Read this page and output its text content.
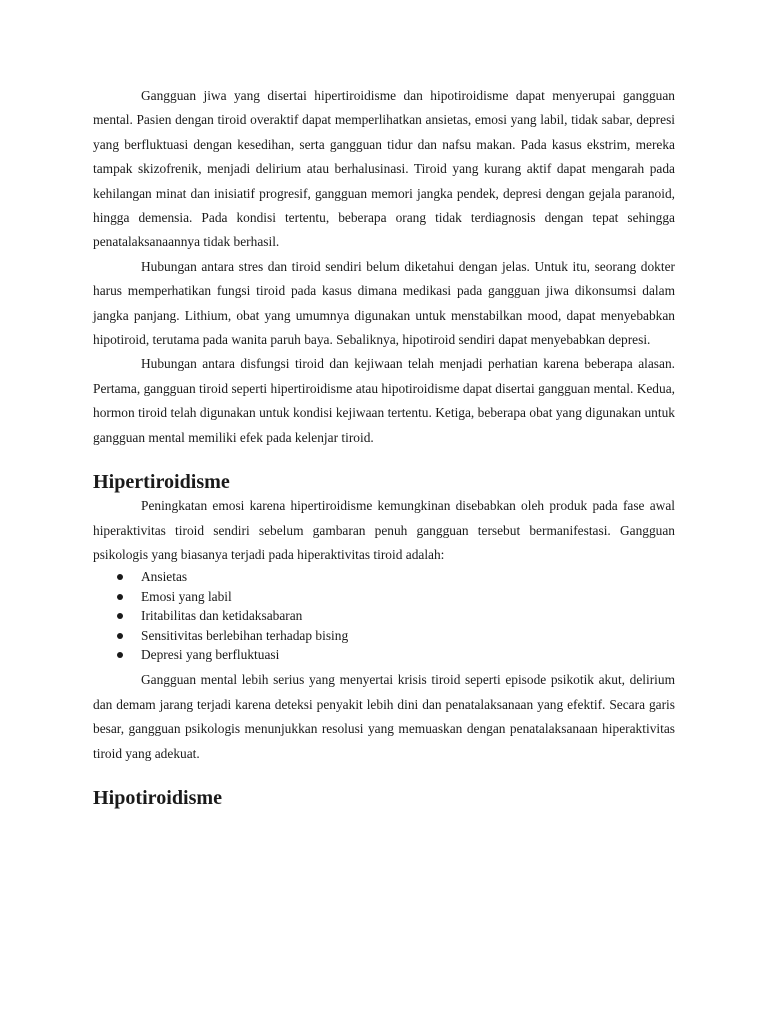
Gangguan jiwa yang disertai hipertiroidisme dan hipotiroidisme dapat menyerupai gangguan mental. Pasien dengan tiroid overaktif dapat memperlihatkan ansietas, emosi yang labil, tidak sabar, depresi yang berfluktuasi dengan kesedihan, serta gangguan tidur dan nafsu makan. Pada kasus ekstrim, mereka tampak skizofrenik, menjadi delirium atau berhalusinasi. Tiroid yang kurang aktif dapat mengarah pada kehilangan minat dan inisiatif progresif, gangguan memori jangka pendek, depresi dengan gejala paranoid, hingga demensia. Pada kondisi tertentu, beberapa orang tidak terdiagnosis dengan tepat sehingga penatalaksanaannya tidak berhasil.

Hubungan antara stres dan tiroid sendiri belum diketahui dengan jelas. Untuk itu, seorang dokter harus memperhatikan fungsi tiroid pada kasus dimana medikasi pada gangguan jiwa dikonsumsi dalam jangka panjang. Lithium, obat yang umumnya digunakan untuk menstabilkan mood, dapat menyebabkan hipotiroid, terutama pada wanita paruh baya. Sebaliknya, hipotiroid sendiri dapat menyebabkan depresi.

Hubungan antara disfungsi tiroid dan kejiwaan telah menjadi perhatian karena beberapa alasan. Pertama, gangguan tiroid seperti hipertiroidisme atau hipotiroidisme dapat disertai gangguan mental. Kedua, hormon tiroid telah digunakan untuk kondisi kejiwaan tertentu. Ketiga, beberapa obat yang digunakan untuk gangguan mental memiliki efek pada kelenjar tiroid.

Hipertiroidisme

Peningkatan emosi karena hipertiroidisme kemungkinan disebabkan oleh produk pada fase awal hiperaktivitas tiroid sendiri sebelum gambaran penuh gangguan tersebut bermanifestasi. Gangguan psikologis yang biasanya terjadi pada hiperaktivitas tiroid adalah:

Ansietas
Emosi yang labil
Iritabilitas dan ketidaksabaran
Sensitivitas berlebihan terhadap bising
Depresi yang berfluktuasi

Gangguan mental lebih serius yang menyertai krisis tiroid seperti episode psikotik akut, delirium dan demam jarang terjadi karena deteksi penyakit lebih dini dan penatalaksanaan yang efektif. Secara garis besar, gangguan psikologis menunjukkan resolusi yang memuaskan dengan penatalaksanaan hiperaktivitas tiroid yang adekuat.

Hipotiroidisme
